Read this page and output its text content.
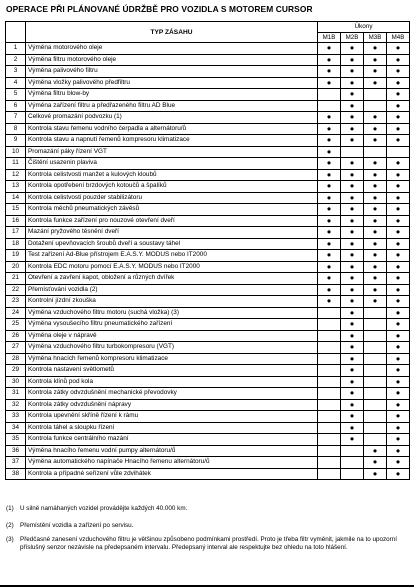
OPERACE PŘI PLÁNOVANÉ ÚDRŽBĚ PRO VOZIDLA S MOTOREM CURSOR
	TYP ZÁSAHU	Úkony			
		M1B	M2B	M3B	M4B
1	Výměna motorového oleje	●	●	●	●
2	Výměna filtru motorového oleje	●	●	●	●
3	Výměna palivového filtru	●	●	●	●
4	Výměna vložky palivového předfiltru	●	●	●	●
5	Výměna filtru blow-by		●		●
6	Výměna zařízení filtru a předřazeného filtru AD Blue		●		●
7	Celkové promazání podvozku (1)	●	●	●	●
8	Kontrola stavu řemenu vodního čerpadla a alternátoru/ů	●	●	●	●
9	Kontrola stavu a napnutí řemenů kompresoru klimatizace	●	●	●	●
10	Promazání páky řízení VGT	●			
11	Čištění usazenin plaviva	●	●	●	●
12	Kontrola celistvosti manžet a kulových kloubů	●	●	●	●
13	Kontrola opotřebení brzdových kotoučů a špalíků	●	●	●	●
14	Kontrola celistvosti pouzder stabilizátoru	●	●	●	●
15	Kontrola měchů pneumatických závěsů	●	●	●	●
16	Kontrola funkce zařízení pro nouzové otevření dveří	●	●	●	●
17	Mazání pryžového těsnění dveří	●	●	●	●
18	Dotažení upevňovacích šroubů dveří a soustavy táhel	●	●	●	●
19	Test zařízení Ad-Blue přístrojem E.A.S.Y. MODUS nebo IT2000	●	●	●	●
20	Kontrola EDC motoru pomocí E.A.S.Y. MODUS nebo IT2000	●	●	●	●
21	Otevření a zavření kapot, obložení a různých dvířek	●	●	●	●
22	Přemísťování vozidla (2)	●	●	●	●
23	Kontrolní jízdní zkouška	●	●	●	●
24	Výměna vzduchového filtru motoru (suchá vložka) (3)		●		●
25	Výměna vysoušecího filtru pneumatického zařízení		●		●
26	Výměna oleje v nápravě		●		●
27	Výměna vzduchového filtru turbokompresoru (VGT)		●		●
28	Výměna hnacích řemenů kompresoru klimatizace		●		●
29	Kontrola nastavení světlometů		●		●
30	Kontrola klínů pod kola		●		●
31	Kontrola zátky odvzdušnění mechanické převodovky		●		●
32	Kontrola zátky odvzdušnění nápravy		●		●
33	Kontrola upevnění skříně řízení k rámu		●		●
34	Kontrola táhel a sloupku řízení		●		●
35	Kontrola funkce centrálního mazání		●		●
36	Výměna hnacího řemenu vodní pumpy alternátoru/ů			●	●
37	Výměna automatického napínače Hnacího řemenu alternátoru/ů			●	●
38	Kontrola a případné seřízení vůle zdvihátek			●	●
(1) U silně namáhaných vozidel provádějte každých 40.000 km.
(2) Přemístění vozidla a zařízení po servisu.
(3) Předčasné zanesení vzduchového filtru je většinou způsobeno podmínkami prostředí. Proto je třeba filtr vyměnit, jakmile na to upozorní příslušný senzor nezávisle na předepsaném intervalu. Předepsaný interval ale respektujte bez ohledu na toto hlášení.
